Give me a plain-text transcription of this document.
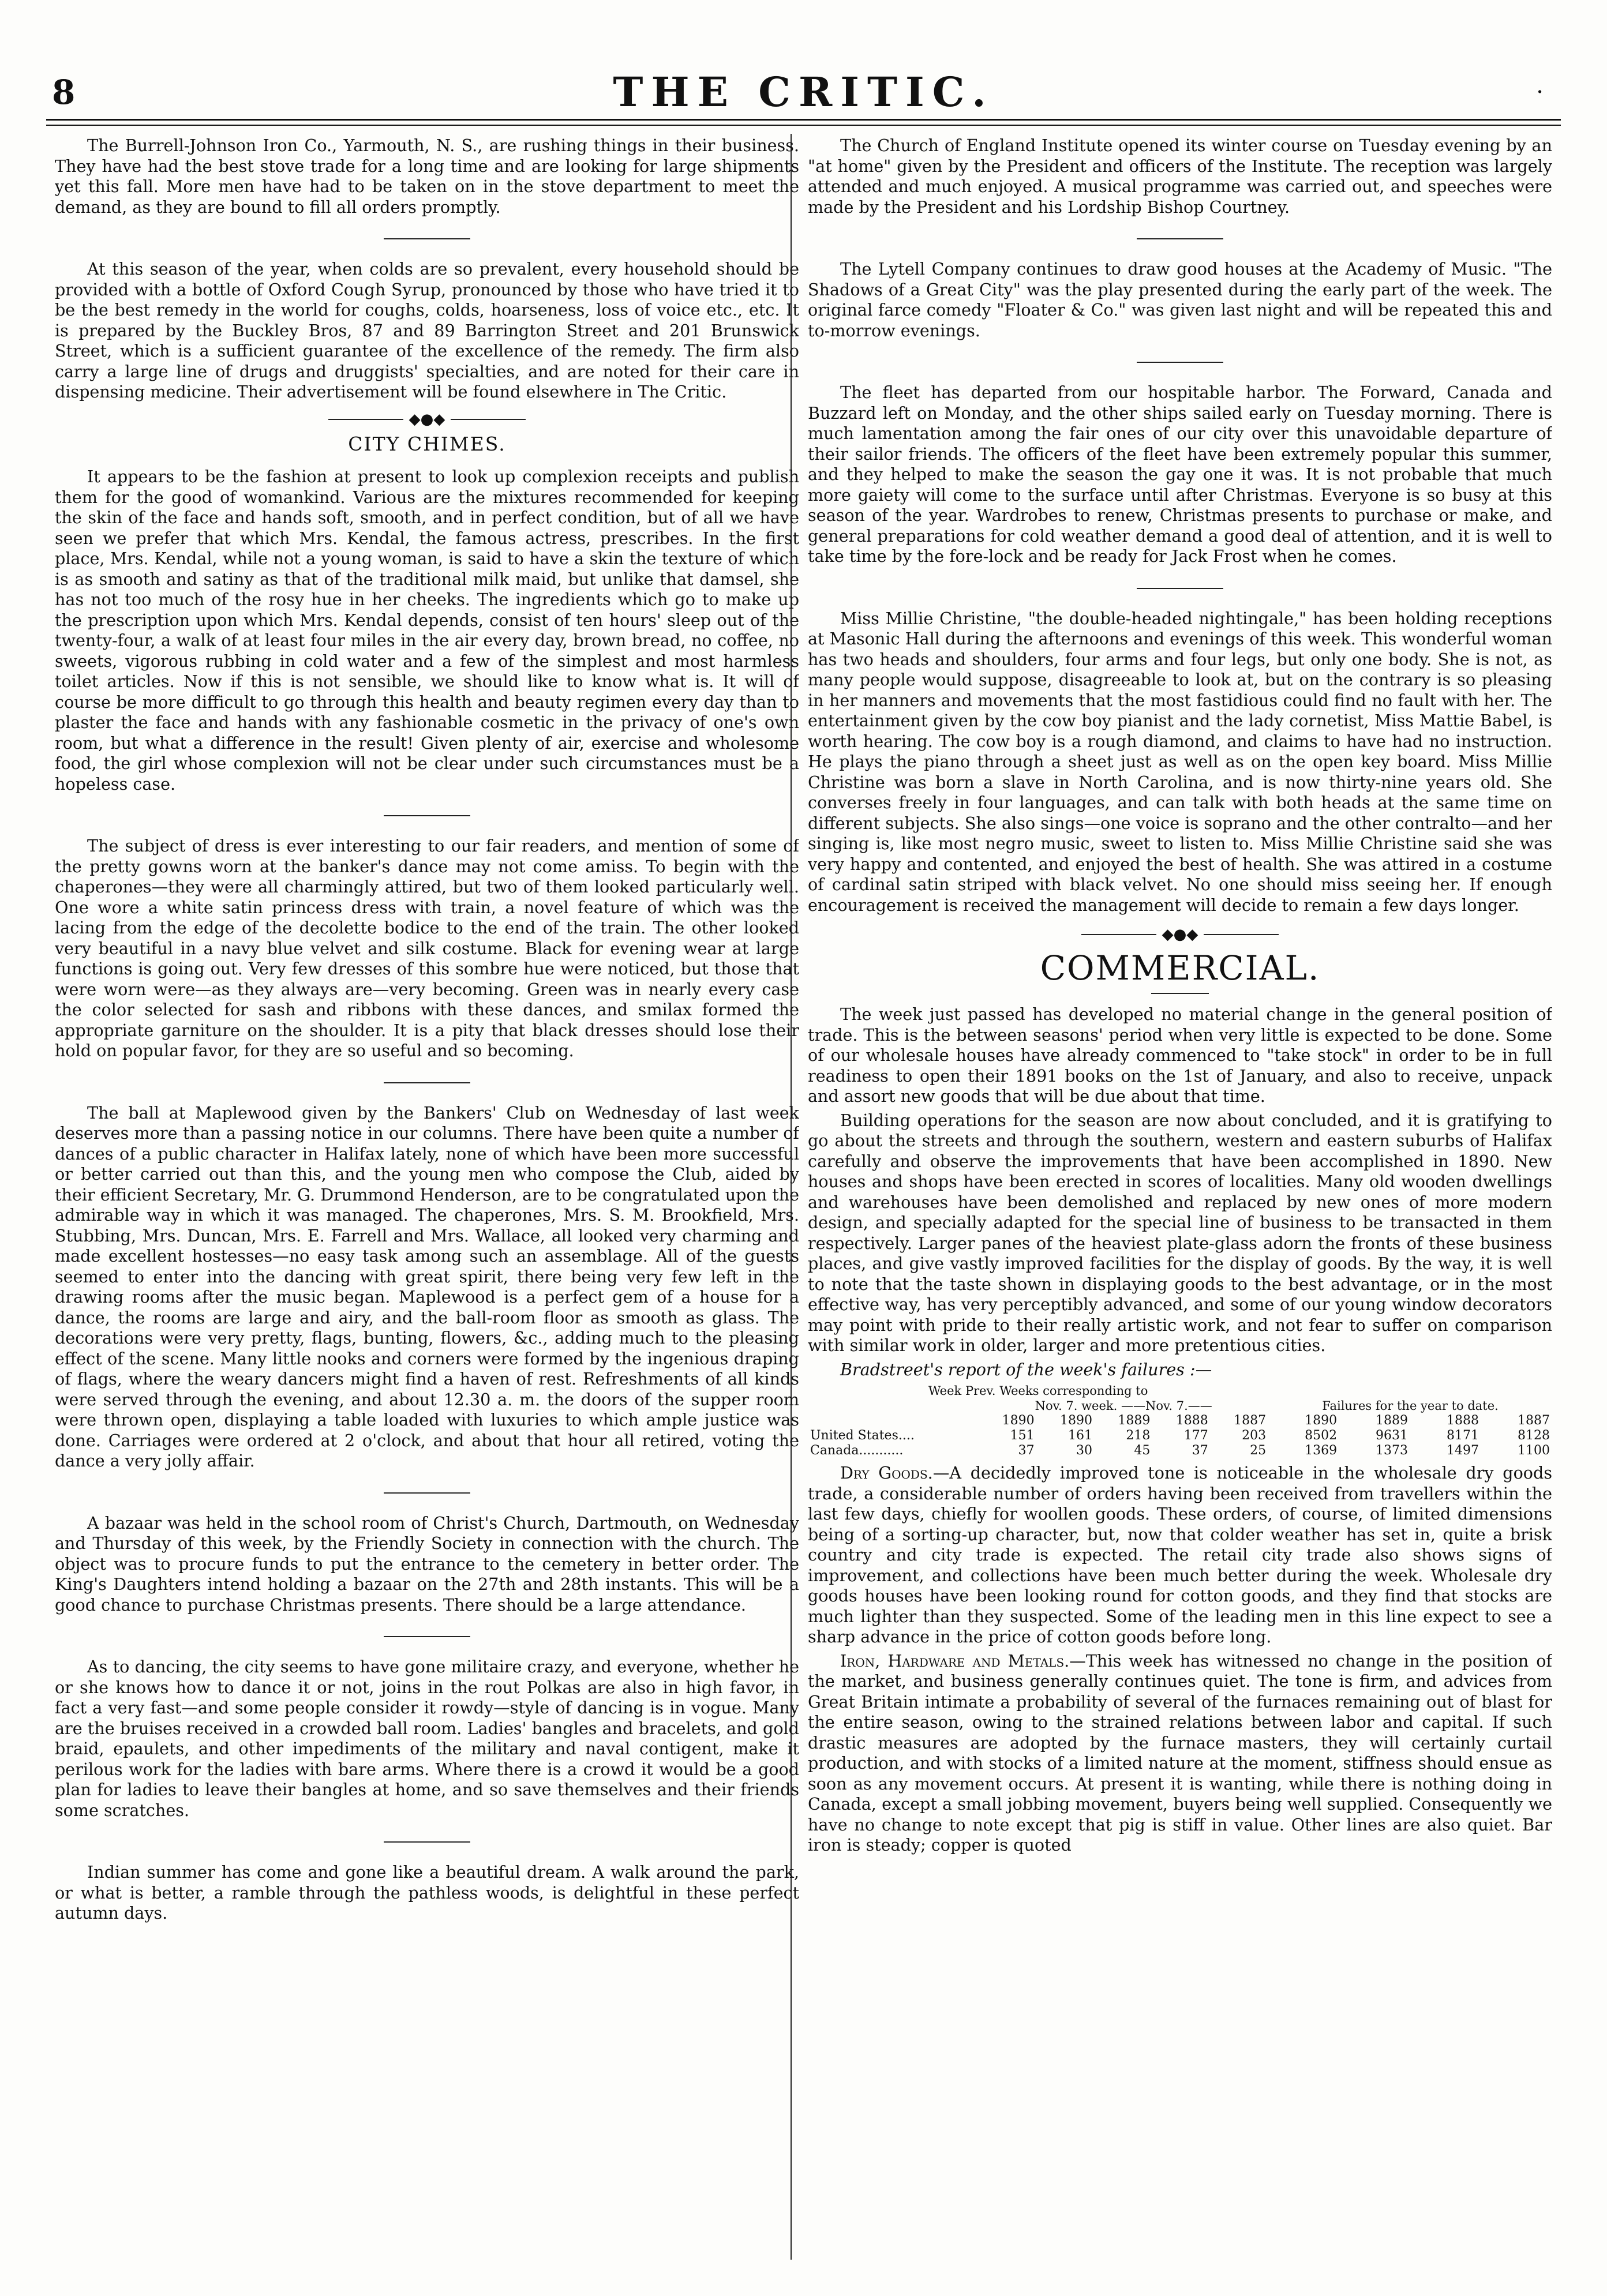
8	THE CRITIC.	·

The Burrell-Johnson Iron Co., Yarmouth, N. S., are rushing things in their business. They have had the best stove trade for a long time and are looking for large shipments yet this fall. More men have had to be taken on in the stove department to meet the demand, as they are bound to fill all orders promptly.

At this season of the year, when colds are so prevalent, every household should be provided with a bottle of Oxford Cough Syrup, pronounced by those who have tried it to be the best remedy in the world for coughs, colds, hoarseness, loss of voice etc., etc. It is prepared by the Buckley Bros, 87 and 89 Barrington Street and 201 Brunswick Street, which is a sufficient guarantee of the excellence of the remedy. The firm also carry a large line of drugs and druggists' specialties, and are noted for their care in dispensing medicine. Their advertisement will be found elsewhere in The Critic.

◆●◆
CITY CHIMES.

It appears to be the fashion at present to look up complexion receipts and publish them for the good of womankind. Various are the mixtures recommended for keeping the skin of the face and hands soft, smooth, and in perfect condition, but of all we have seen we prefer that which Mrs. Kendal, the famous actress, prescribes. In the first place, Mrs. Kendal, while not a young woman, is said to have a skin the texture of which is as smooth and satiny as that of the traditional milk maid, but unlike that damsel, she has not too much of the rosy hue in her cheeks. The ingredients which go to make up the prescription upon which Mrs. Kendal depends, consist of ten hours' sleep out of the twenty-four, a walk of at least four miles in the air every day, brown bread, no coffee, no sweets, vigorous rubbing in cold water and a few of the simplest and most harmless toilet articles. Now if this is not sensible, we should like to know what is. It will of course be more difficult to go through this health and beauty regimen every day than to plaster the face and hands with any fashionable cosmetic in the privacy of one's own room, but what a difference in the result! Given plenty of air, exercise and wholesome food, the girl whose complexion will not be clear under such circumstances must be a hopeless case.

The subject of dress is ever interesting to our fair readers, and mention of some of the pretty gowns worn at the banker's dance may not come amiss. To begin with the chaperones—they were all charmingly attired, but two of them looked particularly well. One wore a white satin princess dress with train, a novel feature of which was the lacing from the edge of the decolette bodice to the end of the train. The other looked very beautiful in a navy blue velvet and silk costume. Black for evening wear at large functions is going out. Very few dresses of this sombre hue were noticed, but those that were worn were—as they always are—very becoming. Green was in nearly every case the color selected for sash and ribbons with these dances, and smilax formed the appropriate garniture on the shoulder. It is a pity that black dresses should lose their hold on popular favor, for they are so useful and so becoming.

The ball at Maplewood given by the Bankers' Club on Wednesday of last week deserves more than a passing notice in our columns. There have been quite a number of dances of a public character in Halifax lately, none of which have been more successful or better carried out than this, and the young men who compose the Club, aided by their efficient Secretary, Mr. G. Drummond Henderson, are to be congratulated upon the admirable way in which it was managed. The chaperones, Mrs. S. M. Brookfield, Mrs. Stubbing, Mrs. Duncan, Mrs. E. Farrell and Mrs. Wallace, all looked very charming and made excellent hostesses—no easy task among such an assemblage. All of the guests seemed to enter into the dancing with great spirit, there being very few left in the drawing rooms after the music began. Maplewood is a perfect gem of a house for a dance, the rooms are large and airy, and the ball-room floor as smooth as glass. The decorations were very pretty, flags, bunting, flowers, &c., adding much to the pleasing effect of the scene. Many little nooks and corners were formed by the ingenious draping of flags, where the weary dancers might find a haven of rest. Refreshments of all kinds were served through the evening, and about 12.30 a. m. the doors of the supper room were thrown open, displaying a table loaded with luxuries to which ample justice was done. Carriages were ordered at 2 o'clock, and about that hour all retired, voting the dance a very jolly affair.

A bazaar was held in the school room of Christ's Church, Dartmouth, on Wednesday and Thursday of this week, by the Friendly Society in connection with the church. The object was to procure funds to put the entrance to the cemetery in better order. The King's Daughters intend holding a bazaar on the 27th and 28th instants. This will be a good chance to purchase Christmas presents. There should be a large attendance.

As to dancing, the city seems to have gone militaire crazy, and everyone, whether he or she knows how to dance it or not, joins in the rout Polkas are also in high favor, in fact a very fast—and some people consider it rowdy—style of dancing is in vogue. Many are the bruises received in a crowded ball room. Ladies' bangles and bracelets, and gold braid, epaulets, and other impediments of the military and naval contigent, make it perilous work for the ladies with bare arms. Where there is a crowd it would be a good plan for ladies to leave their bangles at home, and so save themselves and their friends some scratches.

Indian summer has come and gone like a beautiful dream. A walk around the park, or what is better, a ramble through the pathless woods, is delightful in these perfect autumn days.

The Church of England Institute opened its winter course on Tuesday evening by an "at home" given by the President and officers of the Institute. The reception was largely attended and much enjoyed. A musical programme was carried out, and speeches were made by the President and his Lordship Bishop Courtney.

The Lytell Company continues to draw good houses at the Academy of Music. "The Shadows of a Great City" was the play presented during the early part of the week. The original farce comedy "Floater & Co." was given last night and will be repeated this and to-morrow evenings.

The fleet has departed from our hospitable harbor. The Forward, Canada and Buzzard left on Monday, and the other ships sailed early on Tuesday morning. There is much lamentation among the fair ones of our city over this unavoidable departure of their sailor friends. The officers of the fleet have been extremely popular this summer, and they helped to make the season the gay one it was. It is not probable that much more gaiety will come to the surface until after Christmas. Everyone is so busy at this season of the year. Wardrobes to renew, Christmas presents to purchase or make, and general preparations for cold weather demand a good deal of attention, and it is well to take time by the fore-lock and be ready for Jack Frost when he comes.

Miss Millie Christine, "the double-headed nightingale," has been holding receptions at Masonic Hall during the afternoons and evenings of this week. This wonderful woman has two heads and shoulders, four arms and four legs, but only one body. She is not, as many people would suppose, disagreeable to look at, but on the contrary is so pleasing in her manners and movements that the most fastidious could find no fault with her. The entertainment given by the cow boy pianist and the lady cornetist, Miss Mattie Babel, is worth hearing. The cow boy is a rough diamond, and claims to have had no instruction. He plays the piano through a sheet just as well as on the open key board. Miss Millie Christine was born a slave in North Carolina, and is now thirty-nine years old. She converses freely in four languages, and can talk with both heads at the same time on different subjects. She also sings—one voice is soprano and the other contralto—and her singing is, like most negro music, sweet to listen to. Miss Millie Christine said she was very happy and contented, and enjoyed the best of health. She was attired in a costume of cardinal satin striped with black velvet. No one should miss seeing her. If enough encouragement is received the management will decide to remain a few days longer.

◆●◆
COMMERCIAL.

The week just passed has developed no material change in the general position of trade. This is the between seasons' period when very little is expected to be done. Some of our wholesale houses have already commenced to "take stock" in order to be in full readiness to open their 1891 books on the 1st of January, and also to receive, unpack and assort new goods that will be due about that time.

Building operations for the season are now about concluded, and it is gratifying to go about the streets and through the southern, western and eastern suburbs of Halifax carefully and observe the improvements that have been accomplished in 1890. New houses and shops have been erected in scores of localities. Many old wooden dwellings and warehouses have been demolished and replaced by new ones of more modern design, and specially adapted for the special line of business to be transacted in them respectively. Larger panes of the heaviest plate-glass adorn the fronts of these business places, and give vastly improved facilities for the display of goods. By the way, it is well to note that the taste shown in displaying goods to the best advantage, or in the most effective way, has very perceptibly advanced, and some of our young window decorators may point with pride to their really artistic work, and not fear to suffer on comparison with similar work in older, larger and more pretentious cities.

Bradstreet's report of the week's failures :—

Week Prev. Weeks corresponding to									
	Nov. 7. week. ——Nov. 7.——					Failures for the year to date.			
	1890	1890	1889	1888	1887	1890	1889	1888	1887
United States....	151	161	218	177	203	8502	9631	8171	8128
Canada...........	37	30	45	37	25	1369	1373	1497	1100

Dry Goods.—A decidedly improved tone is noticeable in the wholesale dry goods trade, a considerable number of orders having been received from travellers within the last few days, chiefly for woollen goods. These orders, of course, of limited dimensions being of a sorting-up character, but, now that colder weather has set in, quite a brisk country and city trade is expected. The retail city trade also shows signs of improvement, and collections have been much better during the week. Wholesale dry goods houses have been looking round for cotton goods, and they find that stocks are much lighter than they suspected. Some of the leading men in this line expect to see a sharp advance in the price of cotton goods before long.

Iron, Hardware and Metals.—This week has witnessed no change in the position of the market, and business generally continues quiet. The tone is firm, and advices from Great Britain intimate a probability of several of the furnaces remaining out of blast for the entire season, owing to the strained relations between labor and capital. If such drastic measures are adopted by the furnace masters, they will certainly curtail production, and with stocks of a limited nature at the moment, stiffness should ensue as soon as any movement occurs. At present it is wanting, while there is nothing doing in Canada, except a small jobbing movement, buyers being well supplied. Consequently we have no change to note except that pig is stiff in value. Other lines are also quiet. Bar iron is steady; copper is quoted
